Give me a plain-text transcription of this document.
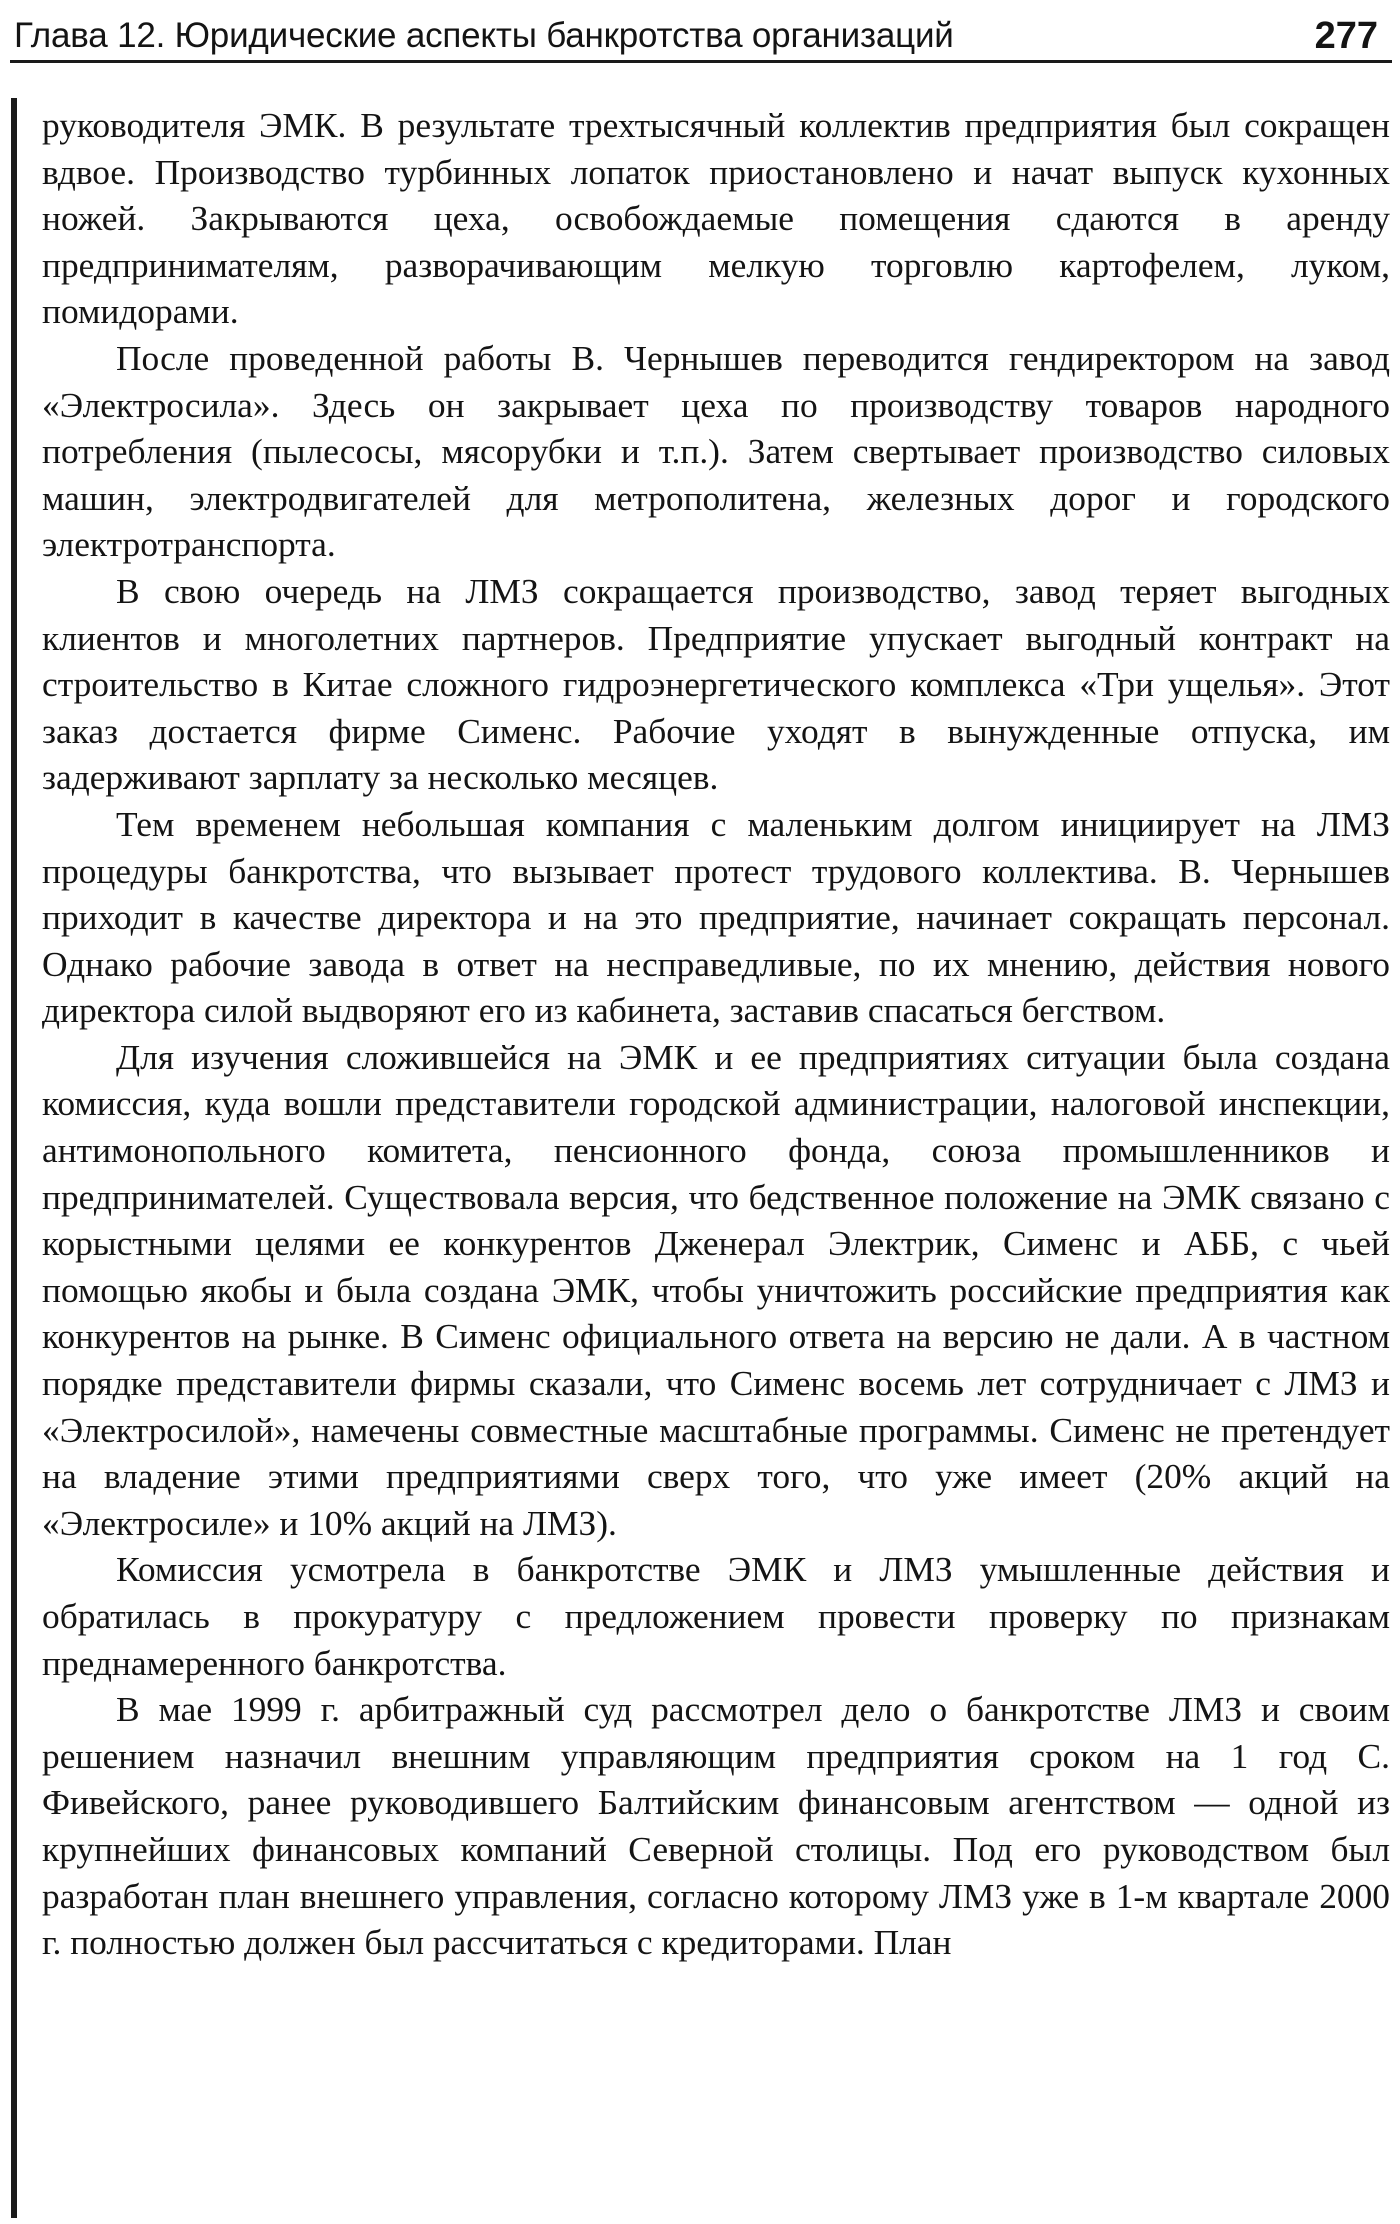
Глава 12. Юридические аспекты банкротства организаций	277

руководителя ЭМК. В результате трехтысячный коллектив предприятия был сокращен вдвое. Производство турбинных лопаток приостановлено и начат выпуск кухонных ножей. Закрываются цеха, освобождаемые помещения сдаются в аренду предпринимателям, разворачивающим мелкую торговлю картофелем, луком, помидорами.

После проведенной работы В. Чернышев переводится гендиректором на завод «Электросила». Здесь он закрывает цеха по производству товаров народного потребления (пылесосы, мясорубки и т.п.). Затем свертывает производство силовых машин, электродвигателей для метрополитена, железных дорог и городского электротранспорта.

В свою очередь на ЛМЗ сокращается производство, завод теряет выгодных клиентов и многолетних партнеров. Предприятие упускает выгодный контракт на строительство в Китае сложного гидроэнергетического комплекса «Три ущелья». Этот заказ достается фирме Сименс. Рабочие уходят в вынужденные отпуска, им задерживают зарплату за несколько месяцев.

Тем временем небольшая компания с маленьким долгом инициирует на ЛМЗ процедуры банкротства, что вызывает протест трудового коллектива. В. Чернышев приходит в качестве директора и на это предприятие, начинает сокращать персонал. Однако рабочие завода в ответ на несправедливые, по их мнению, действия нового директора силой выдворяют его из кабинета, заставив спасаться бегством.

Для изучения сложившейся на ЭМК и ее предприятиях ситуации была создана комиссия, куда вошли представители городской администрации, налоговой инспекции, антимонопольного комитета, пенсионного фонда, союза промышленников и предпринимателей. Существовала версия, что бедственное положение на ЭМК связано с корыстными целями ее конкурентов Дженерал Электрик, Сименс и АББ, с чьей помощью якобы и была создана ЭМК, чтобы уничтожить российские предприятия как конкурентов на рынке. В Сименс официального ответа на версию не дали. А в частном порядке представители фирмы сказали, что Сименс восемь лет сотрудничает с ЛМЗ и «Электросилой», намечены совместные масштабные программы. Сименс не претендует на владение этими предприятиями сверх того, что уже имеет (20% акций на «Электросиле» и 10% акций на ЛМЗ).

Комиссия усмотрела в банкротстве ЭМК и ЛМЗ умышленные действия и обратилась в прокуратуру с предложением провести проверку по признакам преднамеренного банкротства.

В мае 1999 г. арбитражный суд рассмотрел дело о банкротстве ЛМЗ и своим решением назначил внешним управляющим предприятия сроком на 1 год С. Фивейского, ранее руководившего Балтийским финансовым агентством — одной из крупнейших финансовых компаний Северной столицы. Под его руководством был разработан план внешнего управления, согласно которому ЛМЗ уже в 1-м квартале 2000 г. полностью должен был рассчитаться с кредиторами. План
